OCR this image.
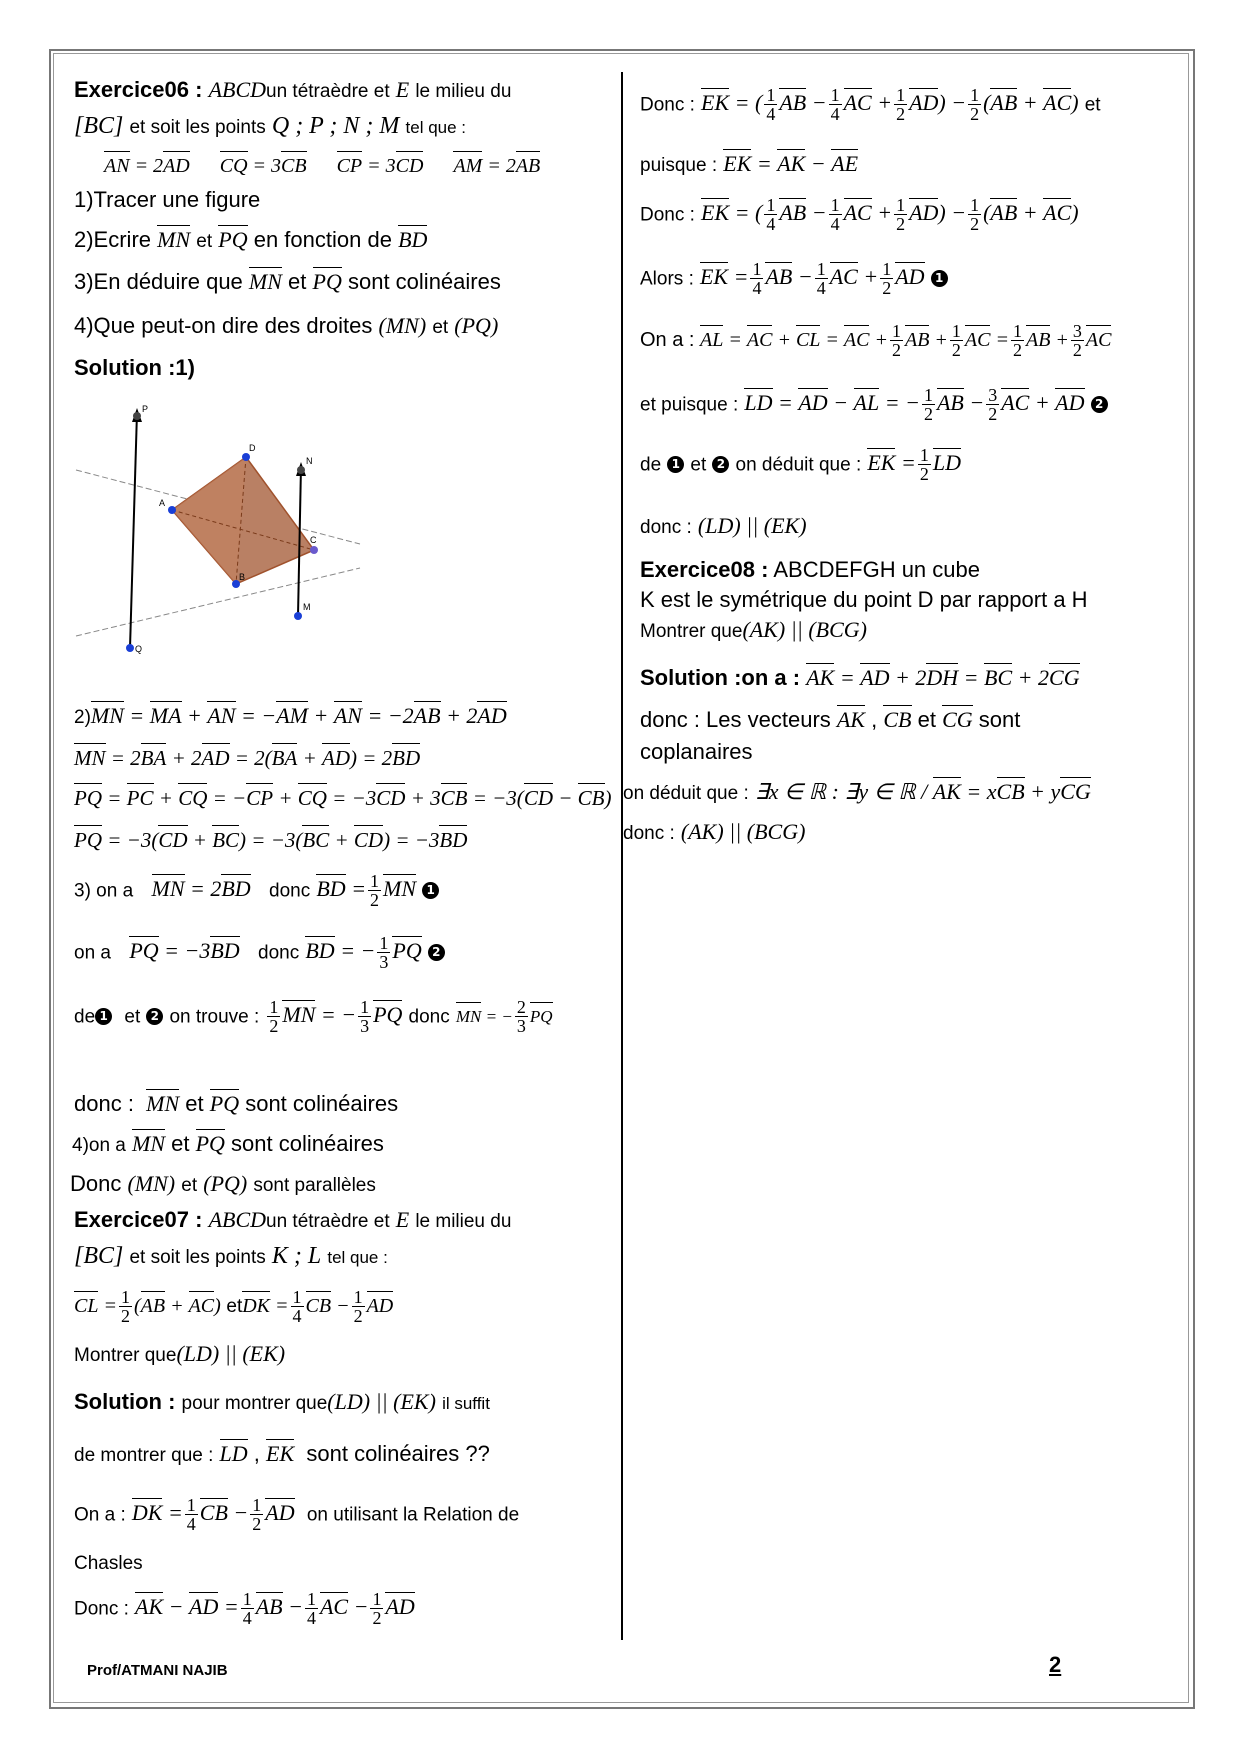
Exercice06 : ABCDun tétraèdre et E le milieu du
[BC] et soit les points Q ; P ; N ; M tel que :
AN = 2AD CQ = 3CB CP = 3CD AM = 2AB
1)Tracer une figure
2)Ecrire MN et PQ en fonction de BD
3)En déduire que MN et PQ sont colinéaires
4)Que peut-on dire des droites (MN) et (PQ)
Solution :1)
P
N
D
A
C
B
M
Q
2)MN = MA + AN = −AM + AN = −2AB + 2AD
MN = 2BA + 2AD = 2(BA + AD) = 2BD
PQ = PC + CQ = −CP + CQ = −3CD + 3CB = −3(CD − CB)
PQ = −3(CD + BC) = −3(BC + CD) = −3BD
3) on a MN = 2BD donc BD = $\frac{1}{2}$ MN 1
on a PQ = −3BD donc BD = − $\frac{1}{3}$ PQ 2
de 1 et 2 on trouve : $\frac{1}{2}$ MN = − $\frac{1}{3}$ PQ donc MN = − $\frac{2}{3}$ PQ
donc : MN et PQ sont colinéaires
4)on a MN et PQ sont colinéaires
Donc (MN) et (PQ) sont parallèles
Exercice07 : ABCDun tétraèdre et E le milieu du
[BC] et soit les points K ; L tel que :
CL = $\frac{1}{2} (AB + AC)$ etDK = $\frac{1}{4}$ CB − $\frac{1}{2}$ AD
Montrer que(LD) || (EK)
Solution : pour montrer que(LD) || (EK) il suffit
de montrer que : LD , EK sont colinéaires ??
On a : DK = $\frac{1}{4}$ CB − $\frac{1}{2}$ AD on utilisant la Relation de
Chasles
Donc : AK − AD = $\frac{1}{4}$ AB − $\frac{1}{4}$ AC − $\frac{1}{2}$ AD
Donc : EK = ( $\frac{1}{4}$ AB − $\frac{1}{4}$ AC + $\frac{1}{2} AD) - \frac{1}{2} (AB + AC)$ et
puisque : EK = AK − AE
Donc : EK = ( $\frac{1}{4}$ AB − $\frac{1}{4}$ AC + $\frac{1}{2} AD) - \frac{1}{2} (AB + AC)$
Alors : EK = $\frac{1}{4}$ AB − $\frac{1}{4}$ AC + $\frac{1}{2}$ AD 1
On a : AL = AC + CL = AC + $\frac{1}{2}$ AB + $\frac{1}{2}$ AC = $\frac{1}{2}$ AB + $\frac{3}{2}$ AC
et puisque : LD = AD − AL = − $\frac{1}{2}$ AB − $\frac{3}{2}$ AC + AD 2
de 1 et 2 on déduit que : EK = $\frac{1}{2}$ LD
donc : (LD) || (EK)
Exercice08 : ABCDEFGH un cube
K est le symétrique du point D par rapport a H
Montrer que(AK) || (BCG)
Solution :on a : AK = AD + 2DH = BC + 2CG
donc : Les vecteurs AK , CB et CG sont
coplanaires
on déduit que : ∃x ∈ ℝ : ∃y ∈ ℝ / AK = xCB + yCG
donc : (AK) || (BCG)
Prof/ATMANI NAJIB	2
